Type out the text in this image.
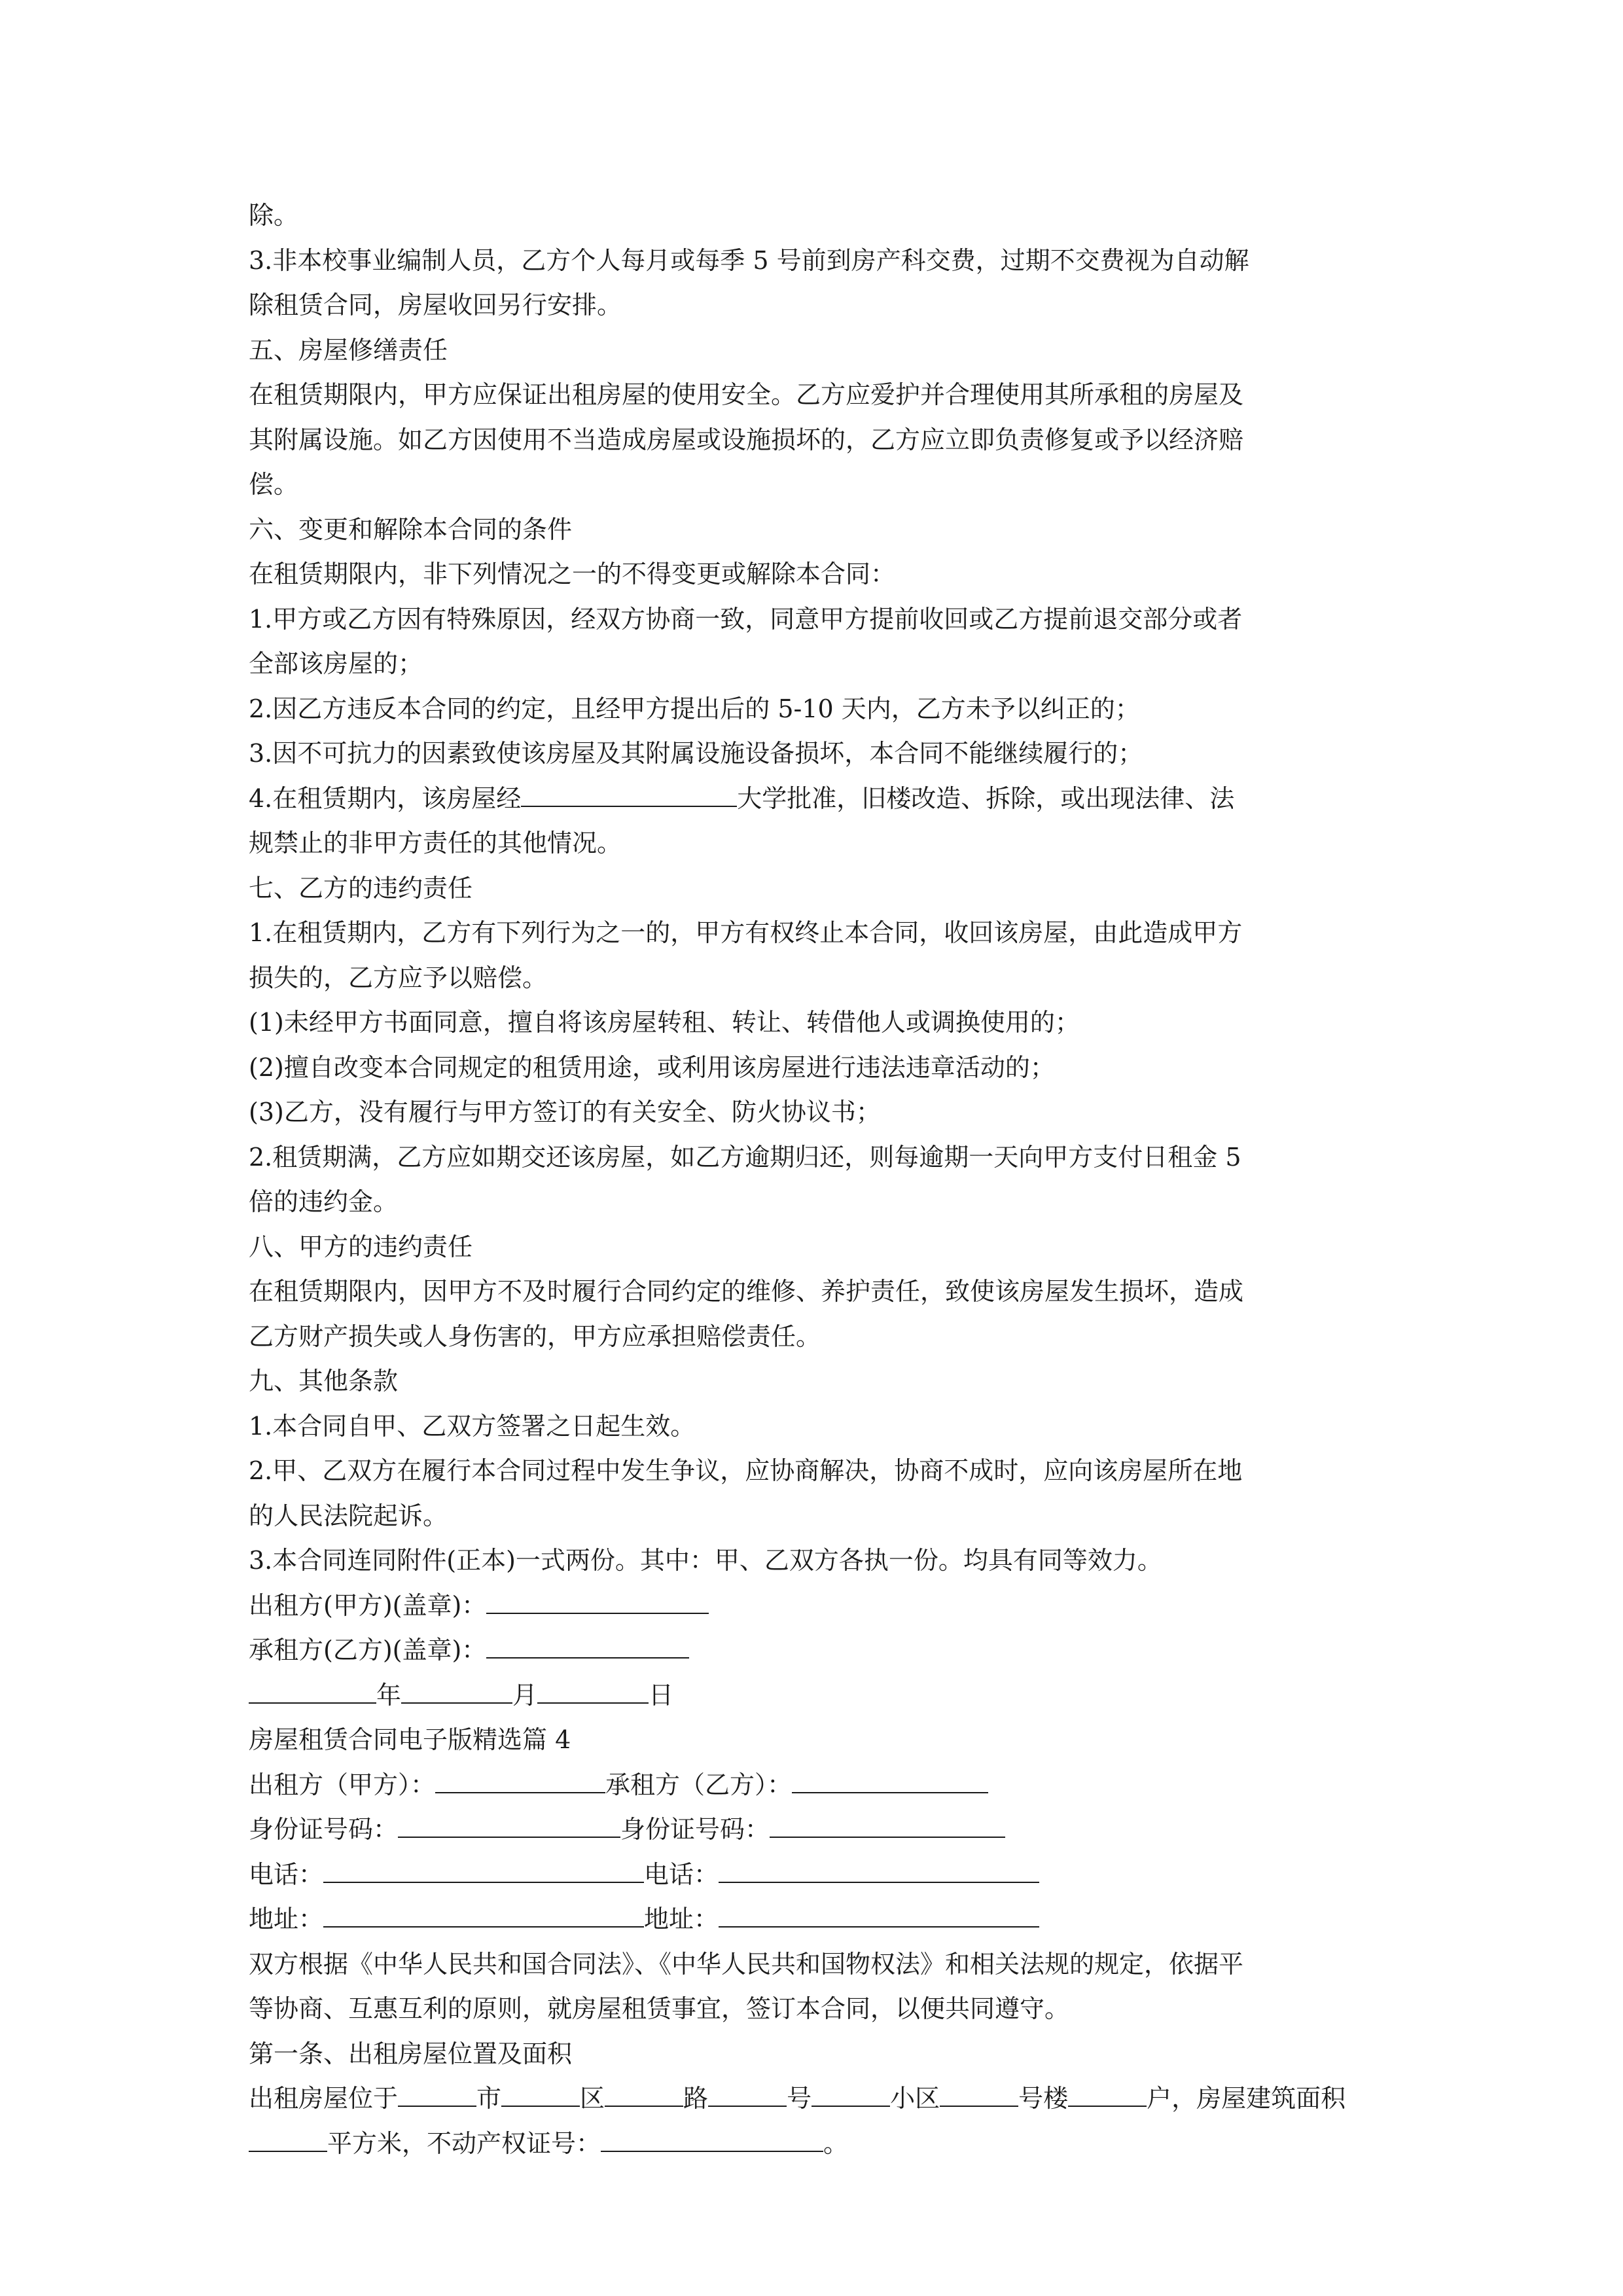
除。
3.非本校事业编制人员，乙方个人每月或每季 5 号前到房产科交费，过期不交费视为自动解
除租赁合同，房屋收回另行安排。
五、房屋修缮责任
在租赁期限内，甲方应保证出租房屋的使用安全。乙方应爱护并合理使用其所承租的房屋及
其附属设施。如乙方因使用不当造成房屋或设施损坏的，乙方应立即负责修复或予以经济赔
偿。
六、变更和解除本合同的条件
在租赁期限内，非下列情况之一的不得变更或解除本合同：
1.甲方或乙方因有特殊原因，经双方协商一致，同意甲方提前收回或乙方提前退交部分或者
全部该房屋的；
2.因乙方违反本合同的约定，且经甲方提出后的 5-10 天内，乙方未予以纠正的；
3.因不可抗力的因素致使该房屋及其附属设施设备损坏，本合同不能继续履行的；
4.在租赁期内，该房屋经	大学批准，旧楼改造、拆除，或出现法律、法
规禁止的非甲方责任的其他情况。
七、乙方的违约责任
1.在租赁期内，乙方有下列行为之一的，甲方有权终止本合同，收回该房屋，由此造成甲方
损失的，乙方应予以赔偿。
(1)未经甲方书面同意，擅自将该房屋转租、转让、转借他人或调换使用的；
(2)擅自改变本合同规定的租赁用途，或利用该房屋进行违法违章活动的；
(3)乙方，没有履行与甲方签订的有关安全、防火协议书；
2.租赁期满，乙方应如期交还该房屋，如乙方逾期归还，则每逾期一天向甲方支付日租金 5
倍的违约金。
八、甲方的违约责任
在租赁期限内，因甲方不及时履行合同约定的维修、养护责任，致使该房屋发生损坏，造成
乙方财产损失或人身伤害的，甲方应承担赔偿责任。
九、其他条款
1.本合同自甲、乙双方签署之日起生效。
2.甲、乙双方在履行本合同过程中发生争议，应协商解决，协商不成时，应向该房屋所在地
的人民法院起诉。
3.本合同连同附件(正本)一式两份。其中：甲、乙双方各执一份。均具有同等效力。
出租方(甲方)(盖章)：
承租方(乙方)(盖章)：
年	月	日
房屋租赁合同电子版精选篇 4
出租方（甲方）：	承租方（乙方）：
身份证号码：	身份证号码：
电话：	电话：
地址：	地址：
双方根据《中华人民共和国合同法》、《中华人民共和国物权法》和相关法规的规定，依据平
等协商、互惠互利的原则，就房屋租赁事宜，签订本合同，以便共同遵守。
第一条、出租房屋位置及面积
出租房屋位于	市	区	路	号	小区	号楼	户，房屋建筑面积
平方米，不动产权证号：	。
